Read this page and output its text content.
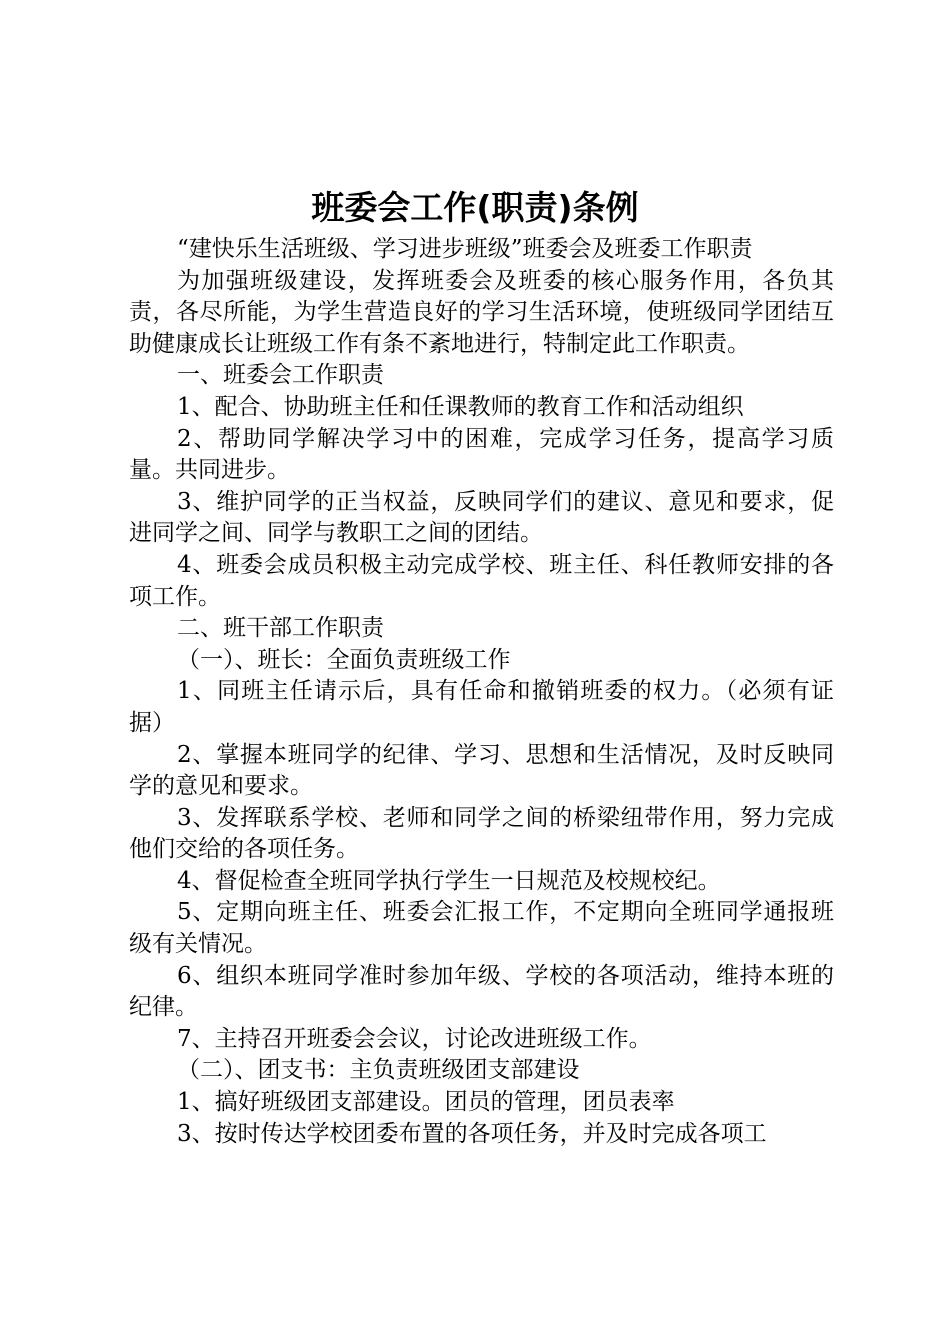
班委会工作(职责)条例

“建快乐生活班级、学习进步班级”班委会及班委工作职责

为加强班级建设，发挥班委会及班委的核心服务作用，各负其责，各尽所能，为学生营造良好的学习生活环境，使班级同学团结互助健康成长让班级工作有条不紊地进行，特制定此工作职责。

一、班委会工作职责

1、配合、协助班主任和任课教师的教育工作和活动组织

2、帮助同学解决学习中的困难，完成学习任务，提高学习质量。共同进步。

3、维护同学的正当权益，反映同学们的建议、意见和要求，促进同学之间、同学与教职工之间的团结。

4、班委会成员积极主动完成学校、班主任、科任教师安排的各项工作。

二、班干部工作职责

（一）、班长：全面负责班级工作

1、同班主任请示后，具有任命和撤销班委的权力。（必须有证据）

2、掌握本班同学的纪律、学习、思想和生活情况，及时反映同学的意见和要求。

3、发挥联系学校、老师和同学之间的桥梁纽带作用，努力完成他们交给的各项任务。

4、督促检查全班同学执行学生一日规范及校规校纪。

5、定期向班主任、班委会汇报工作，不定期向全班同学通报班级有关情况。

6、组织本班同学准时参加年级、学校的各项活动，维持本班的纪律。

7、主持召开班委会会议，讨论改进班级工作。

（二）、团支书：主负责班级团支部建设

1、搞好班级团支部建设。团员的管理，团员表率

3、按时传达学校团委布置的各项任务，并及时完成各项工
